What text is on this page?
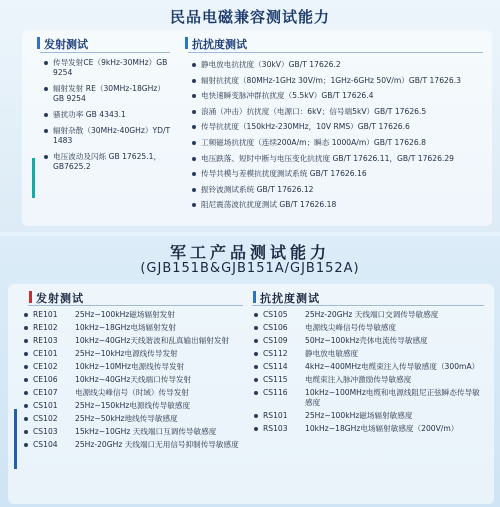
民品电磁兼容测试能力
发射测试
传导发射CE（9kHz-30MHz）GB 9254
辐射发射 RE（30MHz-18GHz）GB 9254
骚扰功率 GB 4343.1
辐射杂散（30MHz-40GHz）YD/T 1483
电压波动及闪烁 GB 17625.1，GB7625.2
抗扰度测试
静电放电抗扰度（30kV）GB/T 17626.2
辐射抗扰度（80MHz-1GHz 30V/m；1GHz-6GHz 50V/m）GB/T 17626.3
电快速瞬变脉冲群抗扰度（5.5kV）GB/T 17626.4
浪涌（冲击）抗扰度（电源口：6kV；信号端5kV）GB/T 17626.5
传导抗扰度（150kHz-230MHz，10V RMS）GB/T 17626.6
工频磁场抗扰度（连续200A/m；瞬态 1000A/m）GB/T 17626.8
电压跌落、短时中断与电压变化抗扰度 GB/T 17626.11，GB/T 17626.29
传导共模与差模抗扰度测试系统 GB/T 17626.16
振铃波测试系统 GB/T 17626.12
阻尼震荡波抗扰度测试 GB/T 17626.18
军工产品测试能力
(GJB151B&GJB151A/GJB152A)
发射测试
RE101	25Hz~100kHz磁场辐射发射
RE102	10kHz~18GHz电场辐射发射
RE103	10kHz~40GHz天线谐波和乱真输出辐射发射
CE101	25Hz~10kHz电源线传导发射
CE102	10kHz~10MHz电源线传导发射
CE106	10kHz~40GHz天线端口传导发射
CE107	电源线尖峰信号（时域）传导发射
CS101	25Hz~150kHz电源线传导敏感度
CS102	25Hz~50kHz地线传导敏感度
CS103	15kHz~10GHz 天线端口互调传导敏感度
CS104	25Hz-20GHz 天线端口无用信号抑制传导敏感度
抗扰度测试
CS105	25Hz-20GHz 天线端口交调传导敏感度
CS106	电源线尖峰信号传导敏感度
CS109	50Hz~100kHz壳体电流传导敏感度
CS112	静电放电敏感度
CS114	4kHz~400MHz电缆束注入传导敏感度（300mA）
CS115	电缆束注入脉冲激励传导敏感度
CS116	10kHz~100MHz电缆和电源线阻尼正弦瞬态传导敏感度
RS101	25Hz~100kHz磁场辐射敏感度
RS103	10kHz~18GHz电场辐射敏感度（200V/m）
